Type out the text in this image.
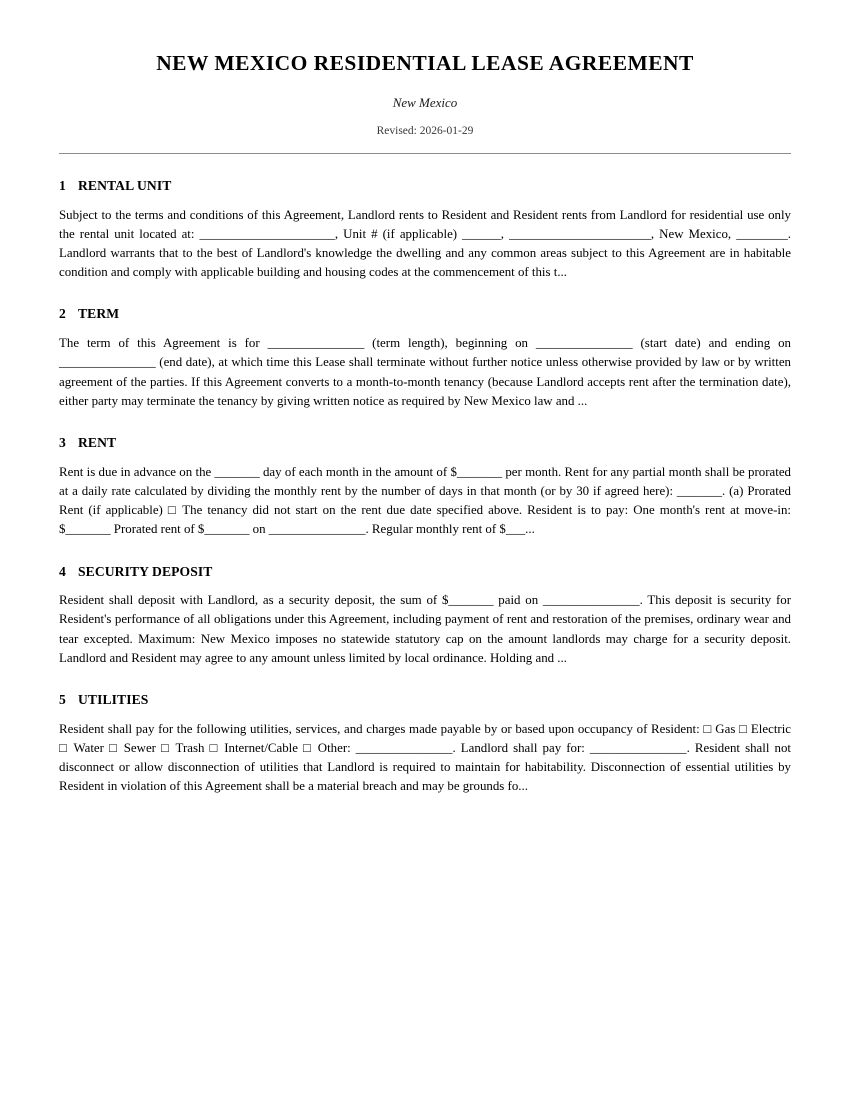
NEW MEXICO RESIDENTIAL LEASE AGREEMENT
New Mexico
Revised: 2026-01-29
1 RENTAL UNIT

Subject to the terms and conditions of this Agreement, Landlord rents to Resident and Resident rents from Landlord for residential use only the rental unit located at: _____________________, Unit # (if applicable) ______, ______________________, New Mexico, ________. Landlord warrants that to the best of Landlord's knowledge the dwelling and any common areas subject to this Agreement are in habitable condition and comply with applicable building and housing codes at the commencement of this t...

2 TERM

The term of this Agreement is for _______________ (term length), beginning on _______________ (start date) and ending on _______________ (end date), at which time this Lease shall terminate without further notice unless otherwise provided by law or by written agreement of the parties. If this Agreement converts to a month-to-month tenancy (because Landlord accepts rent after the termination date), either party may terminate the tenancy by giving written notice as required by New Mexico law and ...

3 RENT

Rent is due in advance on the _______ day of each month in the amount of $_______ per month. Rent for any partial month shall be prorated at a daily rate calculated by dividing the monthly rent by the number of days in that month (or by 30 if agreed here): _______. (a) Prorated Rent (if applicable) □ The tenancy did not start on the rent due date specified above. Resident is to pay: One month's rent at move-in: $_______ Prorated rent of $_______ on _______________. Regular monthly rent of $___...

4 SECURITY DEPOSIT

Resident shall deposit with Landlord, as a security deposit, the sum of $_______ paid on _______________. This deposit is security for Resident's performance of all obligations under this Agreement, including payment of rent and restoration of the premises, ordinary wear and tear excepted. Maximum: New Mexico imposes no statewide statutory cap on the amount landlords may charge for a security deposit. Landlord and Resident may agree to any amount unless limited by local ordinance. Holding and ...

5 UTILITIES

Resident shall pay for the following utilities, services, and charges made payable by or based upon occupancy of Resident: □ Gas □ Electric □ Water □ Sewer □ Trash □ Internet/Cable □ Other: _______________. Landlord shall pay for: _______________. Resident shall not disconnect or allow disconnection of utilities that Landlord is required to maintain for habitability. Disconnection of essential utilities by Resident in violation of this Agreement shall be a material breach and may be grounds fo...
